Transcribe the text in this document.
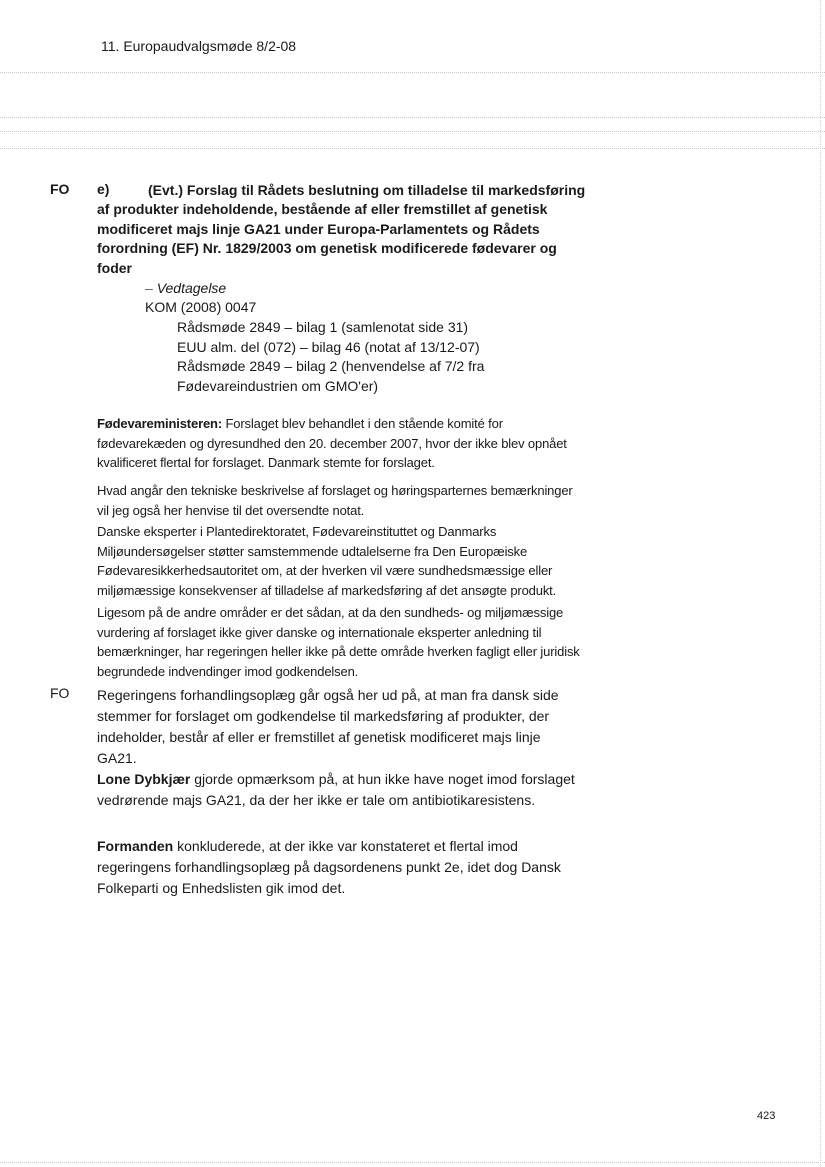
11. Europaudvalgsmøde 8/2-08
FO e)	(Evt.) Forslag til Rådets beslutning om tilladelse til markedsføring af produkter indeholdende, bestående af eller fremstillet af genetisk modificeret majs linje GA21 under Europa-Parlamentets og Rådets forordning (EF) Nr. 1829/2003 om genetisk modificerede fødevarer og foder
– Vedtagelse
KOM (2008) 0047
Rådsmøde 2849 – bilag 1 (samlenotat side 31)
EUU alm. del (072) – bilag 46 (notat af 13/12-07)
Rådsmøde 2849 – bilag 2 (henvendelse af 7/2 fra
Fødevareindustrien om GMO'er)
Fødevareministeren: Forslaget blev behandlet i den stående komité for fødevarekæden og dyresundhed den 20. december 2007, hvor der ikke blev opnået kvalificeret flertal for forslaget. Danmark stemte for forslaget.
Hvad angår den tekniske beskrivelse af forslaget og høringsparternes bemærkninger vil jeg også her henvise til det oversendte notat.
Danske eksperter i Plantedirektoratet, Fødevareinstituttet og Danmarks Miljøundersøgelser støtter samstemmende udtalelserne fra Den Europæiske Fødevaresikkerhedsautoritet om, at der hverken vil være sundhedsmæssige eller miljømæssige konsekvenser af tilladelse af markedsføring af det ansøgte produkt.
Ligesom på de andre områder er det sådan, at da den sundheds- og miljømæssige vurdering af forslaget ikke giver danske og internationale eksperter anledning til bemærkninger, har regeringen heller ikke på dette område hverken fagligt eller juridisk begrundede indvendinger imod godkendelsen.
FO Regeringens forhandlingsoplæg går også her ud på, at man fra dansk side stemmer for forslaget om godkendelse til markedsføring af produkter, der indeholder, består af eller er fremstillet af genetisk modificeret majs linje GA21.
Lone Dybkjær gjorde opmærksom på, at hun ikke have noget imod forslaget vedrørende majs GA21, da der her ikke er tale om antibiotikaresistens.
Formanden konkluderede, at der ikke var konstateret et flertal imod regeringens forhandlingsoplæg på dagsordenens punkt 2e, idet dog Dansk Folkeparti og Enhedslisten gik imod det.
423
